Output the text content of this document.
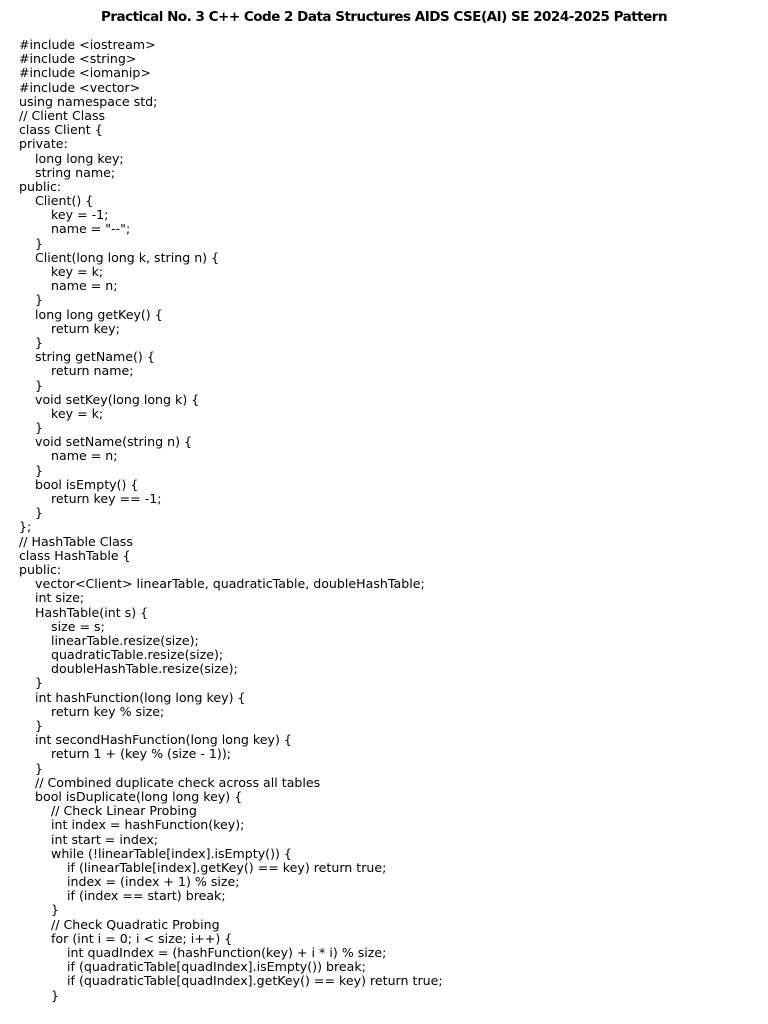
Practical No. 3 C++ Code 2 Data Structures AIDS CSE(AI) SE 2024-2025 Pattern
#include <iostream>
#include <string>
#include <iomanip>
#include <vector>
using namespace std;
// Client Class
class Client {
private:
long long key;
string name;
public:
Client() {
key = -1;
name = "--";
}
Client(long long k, string n) {
key = k;
name = n;
}
long long getKey() {
return key;
}
string getName() {
return name;
}
void setKey(long long k) {
key = k;
}
void setName(string n) {
name = n;
}
bool isEmpty() {
return key == -1;
}
};
// HashTable Class
class HashTable {
public:
vector<Client> linearTable, quadraticTable, doubleHashTable;
int size;
HashTable(int s) {
size = s;
linearTable.resize(size);
quadraticTable.resize(size);
doubleHashTable.resize(size);
}
int hashFunction(long long key) {
return key % size;
}
int secondHashFunction(long long key) {
return 1 + (key % (size - 1));
}
// Combined duplicate check across all tables
bool isDuplicate(long long key) {
// Check Linear Probing
int index = hashFunction(key);
int start = index;
while (!linearTable[index].isEmpty()) {
if (linearTable[index].getKey() == key) return true;
index = (index + 1) % size;
if (index == start) break;
}
// Check Quadratic Probing
for (int i = 0; i < size; i++) {
int quadIndex = (hashFunction(key) + i * i) % size;
if (quadraticTable[quadIndex].isEmpty()) break;
if (quadraticTable[quadIndex].getKey() == key) return true;
}
